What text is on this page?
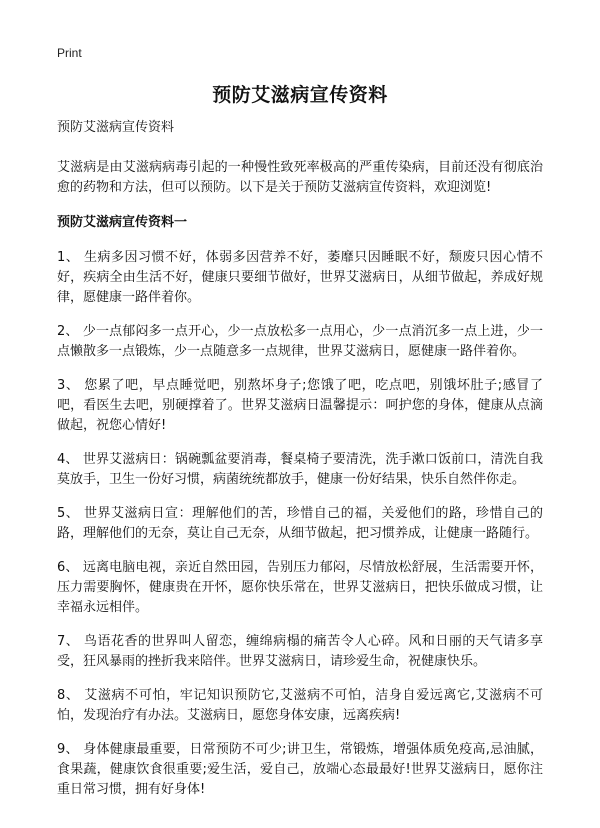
Print
预防艾滋病宣传资料

预防艾滋病宣传资料

艾滋病是由艾滋病病毒引起的一种慢性致死率极高的严重传染病，目前还没有彻底治愈的药物和方法，但可以预防。以下是关于预防艾滋病宣传资料，欢迎浏览!

预防艾滋病宣传资料一

1、 生病多因习惯不好，体弱多因营养不好，萎靡只因睡眠不好，颓废只因心情不好，疾病全由生活不好，健康只要细节做好，世界艾滋病日，从细节做起，养成好规律，愿健康一路伴着你。

2、 少一点郁闷多一点开心，少一点放松多一点用心，少一点消沉多一点上进，少一点懒散多一点锻炼，少一点随意多一点规律，世界艾滋病日，愿健康一路伴着你。

3、 您累了吧，早点睡觉吧，别熬坏身子;您饿了吧，吃点吧，别饿坏肚子;感冒了吧，看医生去吧，别硬撑着了。世界艾滋病日温馨提示：呵护您的身体，健康从点滴做起，祝您心情好!

4、 世界艾滋病日：锅碗瓢盆要消毒，餐桌椅子要清洗，洗手漱口饭前口，清洗自我莫放手，卫生一份好习惯，病菌统统都放手，健康一份好结果，快乐自然伴你走。

5、 世界艾滋病日宣：理解他们的苦，珍惜自己的福，关爱他们的路，珍惜自己的路，理解他们的无奈，莫让自己无奈，从细节做起，把习惯养成，让健康一路随行。

6、 远离电脑电视，亲近自然田园，告别压力郁闷，尽情放松舒展，生活需要开怀，压力需要胸怀，健康贵在开怀，愿你快乐常在，世界艾滋病日，把快乐做成习惯，让幸福永远相伴。

7、 鸟语花香的世界叫人留恋，缠绵病榻的痛苦令人心碎。风和日丽的天气请多享受，狂风暴雨的挫折我来陪伴。世界艾滋病日，请珍爱生命，祝健康快乐。

8、 艾滋病不可怕，牢记知识预防它,艾滋病不可怕，洁身自爱远离它,艾滋病不可怕，发现治疗有办法。艾滋病日，愿您身体安康，远离疾病!

9、 身体健康最重要，日常预防不可少;讲卫生，常锻炼，增强体质免疫高,忌油腻，食果蔬，健康饮食很重要;爱生活，爱自己，放端心态最最好!世界艾滋病日，愿你注重日常习惯，拥有好身体!
